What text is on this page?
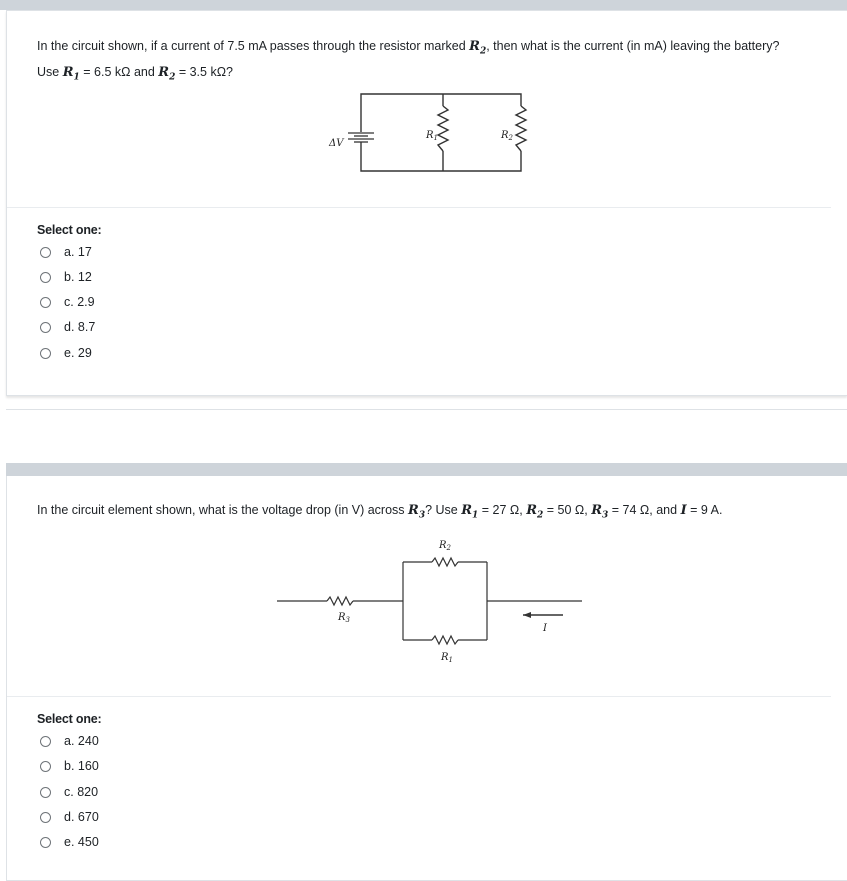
In the circuit shown, if a current of 7.5 mA passes through the resistor marked $R_2$, then what is the current (in mA) leaving the battery? Use $R_1 = 6.5$ kΩ and $R_2 = 3.5$ kΩ?
ΔV
$R_1$	$R_2$
Select one:
a.
17
b.
12
c.
2.9
d.
8.7
e.
29
In the circuit element shown, what is the voltage drop (in V) across $R_3$? Use $R_1 = 27$ Ω, $R_2 = 50$ Ω, $R_3 = 74$ Ω, and I = 9 A.
$R_2$
$R_3$
$R_1$
I
Select one:
a.
240
b.
160
c.
820
d.
670
e.
450
